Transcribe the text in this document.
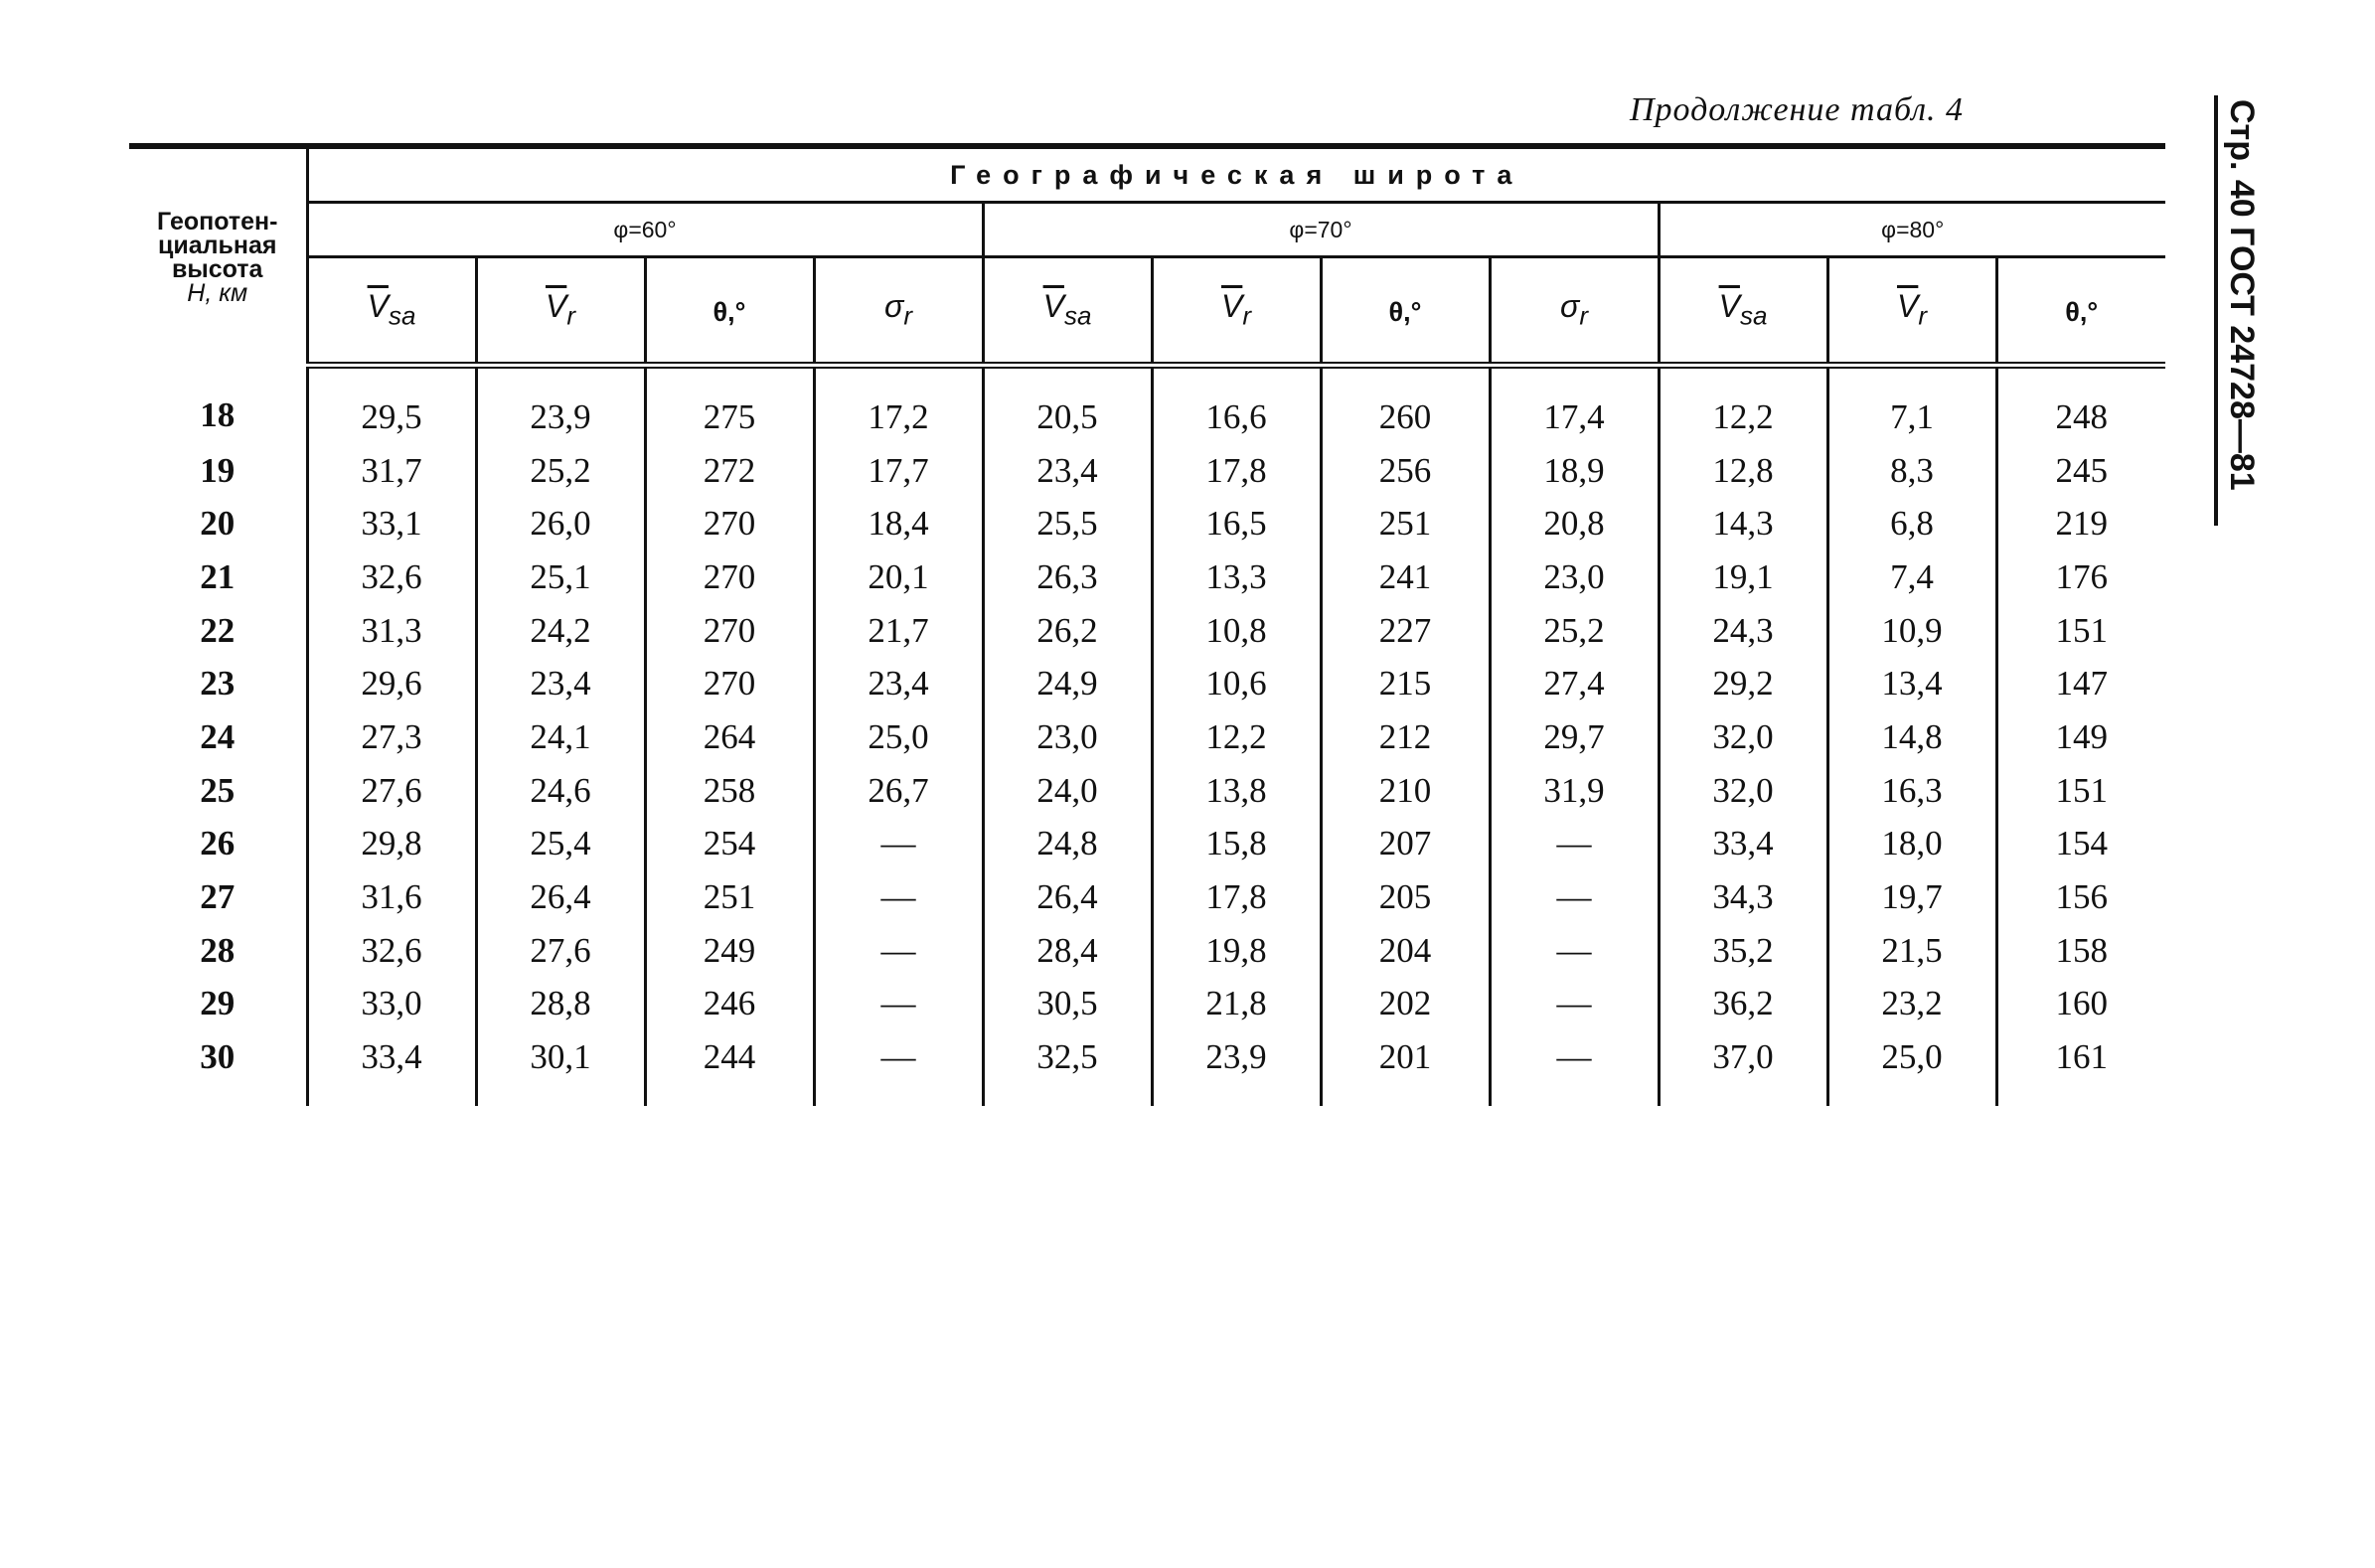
Продолжение табл. 4	Стр. 40 ГОСТ 24728—81
Геопотен-
циальная
высота
H, км	Географическая широта										
	φ=60°				φ=70°				φ=80°		
	$\overline{V}_{sa}$	$\overline{V}_r$	θ,°	$\sigma_r$	$\overline{V}_{sa}$	$\overline{V}_r$	θ,°	$\sigma_r$	$\overline{V}_{sa}$	$\overline{V}_r$	θ,°
18	29,5	23,9	275	17,2	20,5	16,6	260	17,4	12,2	7,1	248
19	31,7	25,2	272	17,7	23,4	17,8	256	18,9	12,8	8,3	245
20	33,1	26,0	270	18,4	25,5	16,5	251	20,8	14,3	6,8	219
21	32,6	25,1	270	20,1	26,3	13,3	241	23,0	19,1	7,4	176
22	31,3	24,2	270	21,7	26,2	10,8	227	25,2	24,3	10,9	151
23	29,6	23,4	270	23,4	24,9	10,6	215	27,4	29,2	13,4	147
24	27,3	24,1	264	25,0	23,0	12,2	212	29,7	32,0	14,8	149
25	27,6	24,6	258	26,7	24,0	13,8	210	31,9	32,0	16,3	151
26	29,8	25,4	254	—	24,8	15,8	207	—	33,4	18,0	154
27	31,6	26,4	251	—	26,4	17,8	205	—	34,3	19,7	156
28	32,6	27,6	249	—	28,4	19,8	204	—	35,2	21,5	158
29	33,0	28,8	246	—	30,5	21,8	202	—	36,2	23,2	160
30	33,4	30,1	244	—	32,5	23,9	201	—	37,0	25,0	161
